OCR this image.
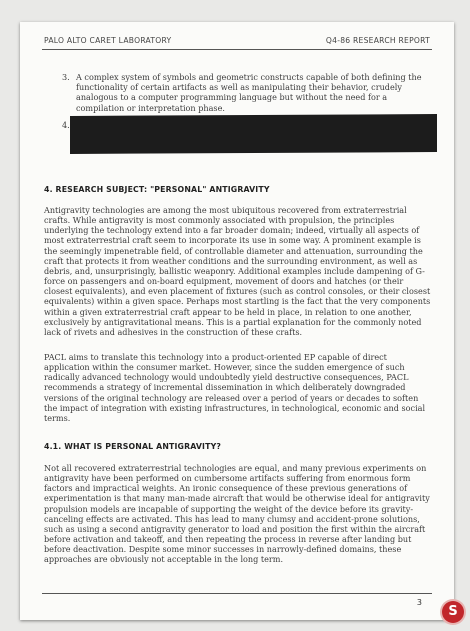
PALO ALTO CARET LABORATORY	Q4-86 RESEARCH REPORT
3. A complex system of symbols and geometric constructs capable of both defining the functionality of certain artifacts as well as manipulating their behavior, crudely analogous to a computer programming language but without the need for a compilation or interpretation phase.
4.
4. RESEARCH SUBJECT: "PERSONAL" ANTIGRAVITY

Antigravity technologies are among the most ubiquitous recovered from extraterrestrial crafts. While antigravity is most commonly associated with propulsion, the principles underlying the technology extend into a far broader domain; indeed, virtually all aspects of most extraterrestrial craft seem to incorporate its use in some way. A prominent example is the seemingly impenetrable field, of controllable diameter and attenuation, surrounding the craft that protects it from weather conditions and the surrounding environment, as well as debris, and, unsurprisingly, ballistic weaponry. Additional examples include dampening of G-force on passengers and on-board equipment, movement of doors and hatches (or their closest equivalents), and even placement of fixtures (such as control consoles, or their closest equivalents) within a given space. Perhaps most startling is the fact that the very components within a given extraterrestrial craft appear to be held in place, in relation to one another, exclusively by antigravitational means. This is a partial explanation for the commonly noted lack of rivets and adhesives in the construction of these crafts.

PACL aims to translate this technology into a product-oriented EP capable of direct application within the consumer market. However, since the sudden emergence of such radically advanced technology would undoubtedly yield destructive consequences, PACL recommends a strategy of incremental dissemination in which deliberately downgraded versions of the original technology are released over a period of years or decades to soften the impact of integration with existing infrastructures, in technological, economic and social terms.

4.1. WHAT IS PERSONAL ANTIGRAVITY?

Not all recovered extraterrestrial technologies are equal, and many previous experiments on antigravity have been performed on cumbersome artifacts suffering from enormous form factors and impractical weights. An ironic consequence of these previous generations of experimentation is that many man-made aircraft that would be otherwise ideal for antigravity propulsion models are incapable of supporting the weight of the device before its gravity-canceling effects are activated. This has lead to many clumsy and accident-prone solutions, such as using a second antigravity generator to load and position the first within the aircraft before activation and takeoff, and then repeating the process in reverse after landing but before deactivation. Despite some minor successes in narrowly-defined domains, these approaches are obviously not acceptable in the long term.

3
S
